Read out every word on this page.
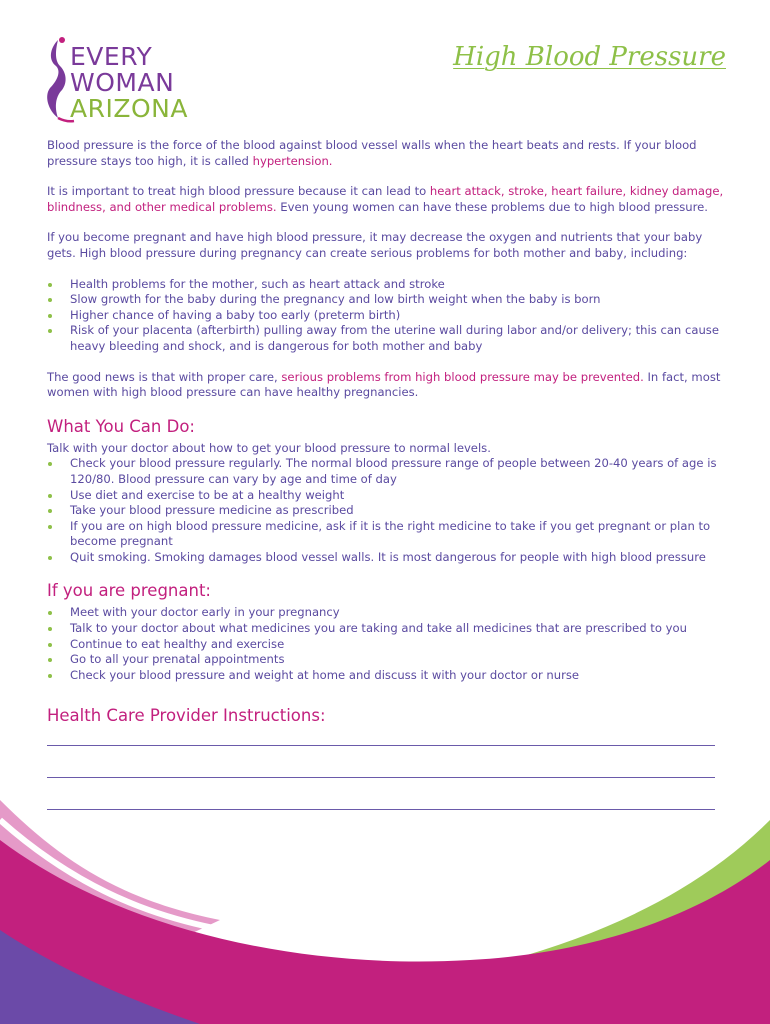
EVERY
WOMAN
ARIZONA
High Blood Pressure

Blood pressure is the force of the blood against blood vessel walls when the heart beats and rests. If your blood pressure stays too high, it is called hypertension.

It is important to treat high blood pressure because it can lead to heart attack, stroke, heart failure, kidney damage, blindness, and other medical problems. Even young women can have these problems due to high blood pressure.

If you become pregnant and have high blood pressure, it may decrease the oxygen and nutrients that your baby gets. High blood pressure during pregnancy can create serious problems for both mother and baby, including:

Health problems for the mother, such as heart attack and stroke
Slow growth for the baby during the pregnancy and low birth weight when the baby is born
Higher chance of having a baby too early (preterm birth)
Risk of your placenta (afterbirth) pulling away from the uterine wall during labor and/or delivery; this can cause heavy bleeding and shock, and is dangerous for both mother and baby

The good news is that with proper care, serious problems from high blood pressure may be prevented. In fact, most women with high blood pressure can have healthy pregnancies.

What You Can Do:

Talk with your doctor about how to get your blood pressure to normal levels.

Check your blood pressure regularly. The normal blood pressure range of people between 20-40 years of age is 120/80. Blood pressure can vary by age and time of day
Use diet and exercise to be at a healthy weight
Take your blood pressure medicine as prescribed
If you are on high blood pressure medicine, ask if it is the right medicine to take if you get pregnant or plan to become pregnant
Quit smoking. Smoking damages blood vessel walls. It is most dangerous for people with high blood pressure
If you are pregnant:
Meet with your doctor early in your pregnancy
Talk to your doctor about what medicines you are taking and take all medicines that are prescribed to you
Continue to eat healthy and exercise
Go to all your prenatal appointments
Check your blood pressure and weight at home and discuss it with your doctor or nurse
Health Care Provider Instructions:
